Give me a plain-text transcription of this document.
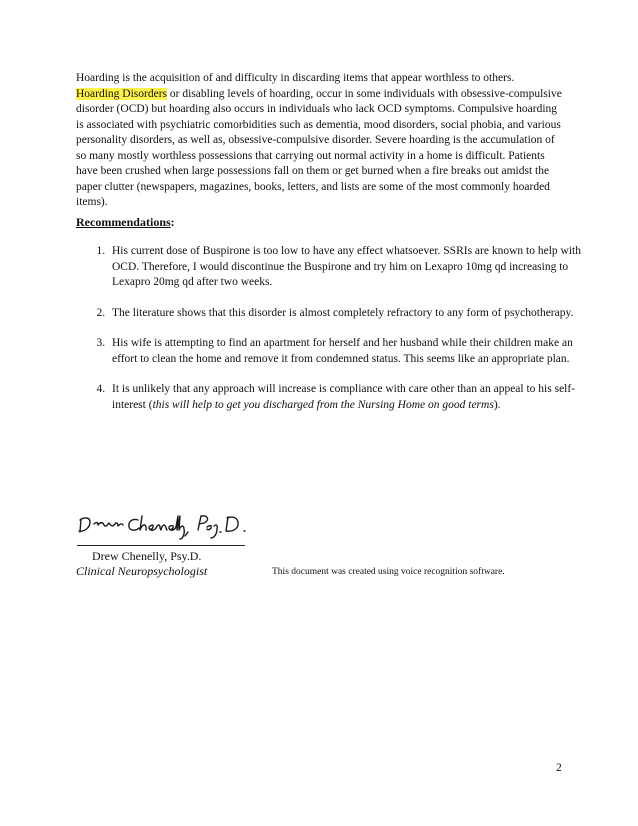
Hoarding is the acquisition of and difficulty in discarding items that appear worthless to others.
Hoarding Disorders or disabling levels of hoarding, occur in some individuals with obsessive-compulsive disorder (OCD) but hoarding also occurs in individuals who lack OCD symptoms. Compulsive hoarding is associated with psychiatric comorbidities such as dementia, mood disorders, social phobia, and various personality disorders, as well as, obsessive-compulsive disorder. Severe hoarding is the accumulation of so many mostly worthless possessions that carrying out normal activity in a home is difficult. Patients have been crushed when large possessions fall on them or get burned when a fire breaks out amidst the paper clutter (newspapers, magazines, books, letters, and lists are some of the most commonly hoarded items).

Recommendations:
1. His current dose of Buspirone is too low to have any effect whatsoever. SSRIs are known to help with OCD. Therefore, I would discontinue the Buspirone and try him on Lexapro 10mg qd increasing to Lexapro 20mg qd after two weeks.
2. The literature shows that this disorder is almost completely refractory to any form of psychotherapy.
3. His wife is attempting to find an apartment for herself and her husband while their children make an effort to clean the home and remove it from condemned status. This seems like an appropriate plan.
4. It is unlikely that any approach will increase is compliance with care other than an appeal to his self-interest (this will help to get you discharged from the Nursing Home on good terms).
Drew Chenelly, Psy.D.
Clinical Neuropsychologist	This document was created using voice recognition software.
2
